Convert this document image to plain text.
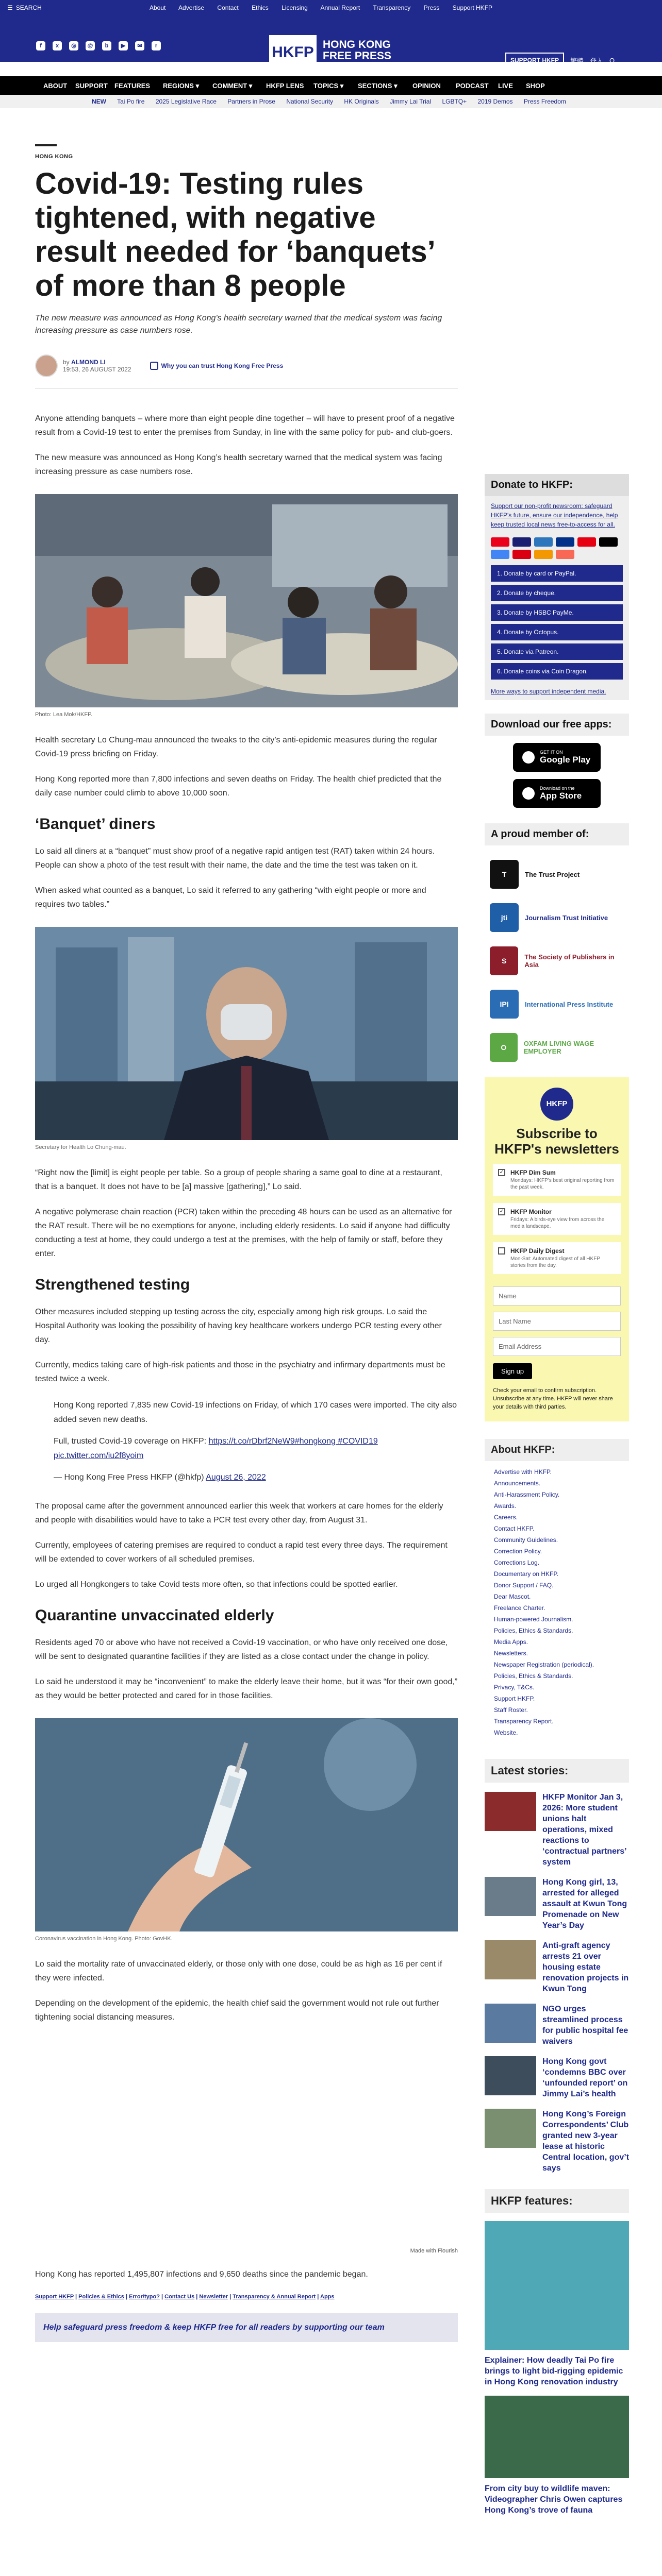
☰ SEARCH	About Advertise Contact Ethics Licensing Annual Report Transparency Press Support HKFP
f	x	◎	@	b	▶	✉	r	HKFP HONG KONG
FREE PRESS	SUPPORT HKFP	繁體 登入 Q
ABOUT SUPPORT FEATURES REGIONS ▾ COMMENT ▾ HKFP LENS TOPICS ▾ SECTIONS ▾ OPINION PODCAST LIVE SHOP
NEW Tai Po fire 2025 Legislative Race Partners in Prose National Security HK Originals Jimmy Lai Trial LGBTQ+ 2019 Demos Press Freedom
HONG KONG
Covid-19: Testing rules tightened, with negative result needed for ‘banquets’ of more than 8 people
The new measure was announced as Hong Kong's health secretary warned that the medical system was facing increasing pressure as case numbers rose.
by ALMOND LI
19:53, 26 AUGUST 2022	Why you can trust Hong Kong Free Press

Anyone attending banquets – where more than eight people dine together – will have to present proof of a negative result from a Covid-19 test to enter the premises from Sunday, in line with the same policy for pub- and club-goers.

The new measure was announced as Hong Kong’s health secretary warned that the medical system was facing increasing pressure as case numbers rose.

Photo: Lea Mok/HKFP.

Health secretary Lo Chung-mau announced the tweaks to the city’s anti-epidemic measures during the regular Covid-19 press briefing on Friday.

Hong Kong reported more than 7,800 infections and seven deaths on Friday. The health chief predicted that the daily case number could climb to above 10,000 soon.

‘Banquet’ diners

Lo said all diners at a “banquet” must show proof of a negative rapid antigen test (RAT) taken within 24 hours. People can show a photo of the test result with their name, the date and the time the test was taken on it.

When asked what counted as a banquet, Lo said it referred to any gathering “with eight people or more and requires two tables.”

Secretary for Health Lo Chung-mau.

“Right now the [limit] is eight people per table. So a group of people sharing a same goal to dine at a restaurant, that is a banquet. It does not have to be [a] massive [gathering],” Lo said.

A negative polymerase chain reaction (PCR) taken within the preceding 48 hours can be used as an alternative for the RAT result. There will be no exemptions for anyone, including elderly residents. Lo said if anyone had difficulty conducting a test at home, they could undergo a test at the premises, with the help of family or staff, before they enter.

Strengthened testing

Other measures included stepping up testing across the city, especially among high risk groups. Lo said the Hospital Authority was looking the possibility of having key healthcare workers undergo PCR testing every other day.

Currently, medics taking care of high-risk patients and those in the psychiatry and infirmary departments must be tested twice a week.

Hong Kong reported 7,835 new Covid-19 infections on Friday, of which 170 cases were imported. The city also added seven new deaths.
Full, trusted Covid-19 coverage on HKFP: https://t.co/rDbrf2NeW9#hongkong #COVID19 pic.twitter.com/iu2f8yoim
— Hong Kong Free Press HKFP (@hkfp) August 26, 2022

The proposal came after the government announced earlier this week that workers at care homes for the elderly and people with disabilities would have to take a PCR test every other day, from August 31.

Currently, employees of catering premises are required to conduct a rapid test every three days. The requirement will be extended to cover workers of all scheduled premises.

Lo urged all Hongkongers to take Covid tests more often, so that infections could be spotted earlier.

Quarantine unvaccinated elderly

Residents aged 70 or above who have not received a Covid-19 vaccination, or who have only received one dose, will be sent to designated quarantine facilities if they are listed as a close contact under the change in policy.

Lo said he understood it may be “inconvenient” to make the elderly leave their home, but it was “for their own good,” as they would be better protected and cared for in those facilities.

Coronavirus vaccination in Hong Kong. Photo: GovHK.

Lo said the mortality rate of unvaccinated elderly, or those only with one dose, could be as high as 16 per cent if they were infected.

Depending on the development of the epidemic, the health chief said the government would not rule out further tightening social distancing measures.

Made with Flourish

Hong Kong has reported 1,495,807 infections and 9,650 deaths since the pandemic began.

Support HKFP | Policies & Ethics | Error/typo? | Contact Us | Newsletter | Transparency & Annual Report | Apps
Help safeguard press freedom & keep HKFP free for all readers by supporting our team
Donate to HKFP:
Support our non-profit newsroom: safeguard HKFP's future, ensure our independence, help keep trusted local news free-to-access for all.
1. Donate by card or PayPal.
2. Donate by cheque.
3. Donate by HSBC PayMe.
4. Donate by Octopus.
5. Donate via Patreon.
6. Donate coins via Coin Dragon.
More ways to support independent media.
Download our free apps:
GET IT ON
Google Play
Download on the
App Store
A proud member of:
T	The Trust Project
jti	Journalism Trust Initiative
S	The Society of Publishers in Asia
IPI	International Press Institute
O	OXFAM LIVING WAGE EMPLOYER
HKFP
Subscribe to HKFP's newsletters
✓ HKFP Dim Sum
Mondays: HKFP's best original reporting from the past week.
✓ HKFP Monitor
Fridays: A birds-eye view from across the media landscape.
HKFP Daily Digest
Mon-Sat: Automated digest of all HKFP stories from the day.
Name
Last Name
Email Address
Sign up
Check your email to confirm subscription. Unsubscribe at any time. HKFP will never share your details with third parties.
About HKFP:
Advertise with HKFP.
Announcements.
Anti-Harassment Policy.
Awards.
Careers.
Contact HKFP.
Community Guidelines.
Correction Policy.
Corrections Log.
Documentary on HKFP.
Donor Support / FAQ.
Dear Mascot.
Freelance Charter.
Human-powered Journalism.
Policies, Ethics & Standards.
Media Apps.
Newsletters.
Newspaper Registration (periodical).
Policies, Ethics & Standards.
Privacy, T&Cs.
Support HKFP.
Staff Roster.
Transparency Report.
Website.
Latest stories:
HKFP Monitor Jan 3, 2026: More student unions halt operations, mixed reactions to ‘contractual partners’ system
Hong Kong girl, 13, arrested for alleged assault at Kwun Tong Promenade on New Year’s Day
Anti-graft agency arrests 21 over housing estate renovation projects in Kwun Tong
NGO urges streamlined process for public hospital fee waivers
Hong Kong govt ‘condemns BBC over ‘unfounded report’ on Jimmy Lai’s health
Hong Kong’s Foreign Correspondents’ Club granted new 3-year lease at historic Central location, gov’t says
HKFP features:
Explainer: How deadly Tai Po fire brings to light bid-rigging epidemic in Hong Kong renovation industry
From city buy to wildlife maven: Videographer Chris Owen captures Hong Kong’s trove of fauna
